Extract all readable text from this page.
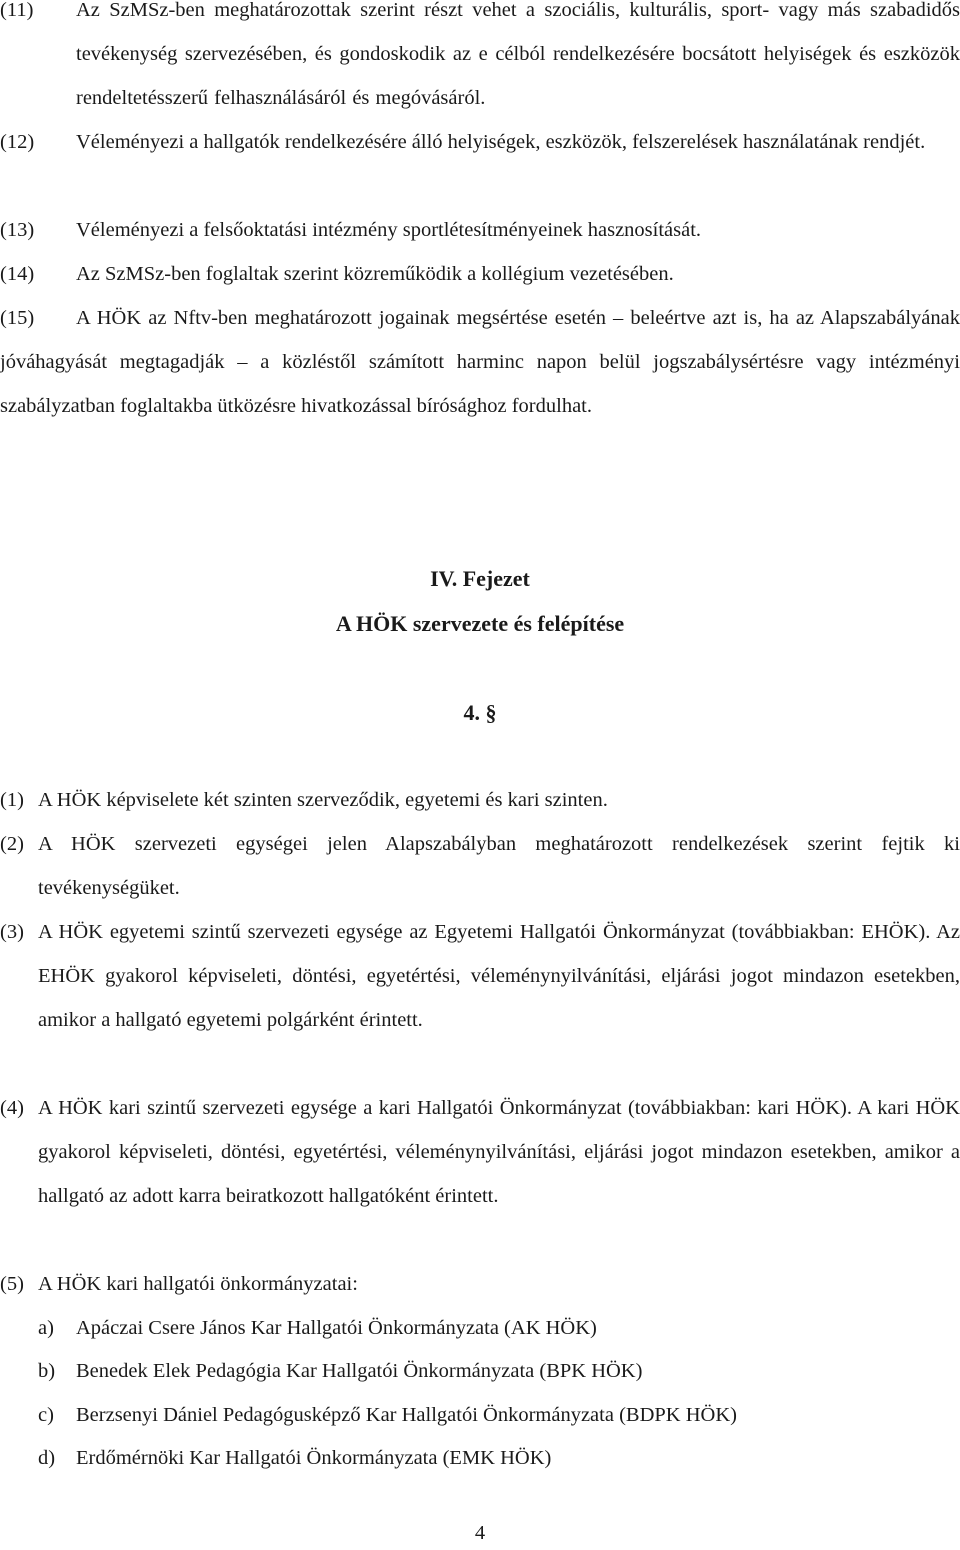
(11)	Az SzMSz-ben meghatározottak szerint részt vehet a szociális, kulturális, sport- vagy más szabadidős tevékenység szervezésében, és gondoskodik az e célból rendelkezésére bocsátott helyiségek és eszközök rendeltetésszerű felhasználásáról és megóvásáról.
(12)	Véleményezi a hallgatók rendelkezésére álló helyiségek, eszközök, felszerelések használatának rendjét.
(13)	Véleményezi a felsőoktatási intézmény sportlétesítményeinek hasznosítását.
(14)	Az SzMSz-ben foglaltak szerint közreműködik a kollégium vezetésében.
(15)	A HÖK az Nftv-ben meghatározott jogainak megsértése esetén – beleértve azt is, ha az Alapszabályának jóváhagyását megtagadják – a közléstől számított harminc napon belül jogszabálysértésre vagy intézményi szabályzatban foglaltakba ütközésre hivatkozással bírósághoz fordulhat.
IV. Fejezet
A HÖK szervezete és felépítése
4. §
(1) A HÖK képviselete két szinten szerveződik, egyetemi és kari szinten.
(2) A HÖK szervezeti egységei jelen Alapszabályban meghatározott rendelkezések szerint fejtik ki tevékenységüket.
(3) A HÖK egyetemi szintű szervezeti egysége az Egyetemi Hallgatói Önkormányzat (továbbiakban: EHÖK). Az EHÖK gyakorol képviseleti, döntési, egyetértési, véleménynyilvánítási, eljárási jogot mindazon esetekben, amikor a hallgató egyetemi polgárként érintett.
(4) A HÖK kari szintű szervezeti egysége a kari Hallgatói Önkormányzat (továbbiakban: kari HÖK). A kari HÖK gyakorol képviseleti, döntési, egyetértési, véleménynyilvánítási, eljárási jogot mindazon esetekben, amikor a hallgató az adott karra beiratkozott hallgatóként érintett.
(5) A HÖK kari hallgatói önkormányzatai:
a) Apáczai Csere János Kar Hallgatói Önkormányzata (AK HÖK)
b) Benedek Elek Pedagógia Kar Hallgatói Önkormányzata (BPK HÖK)
c) Berzsenyi Dániel Pedagógusképző Kar Hallgatói Önkormányzata (BDPK HÖK)
d) Erdőmérnöki Kar Hallgatói Önkormányzata (EMK HÖK)
4
